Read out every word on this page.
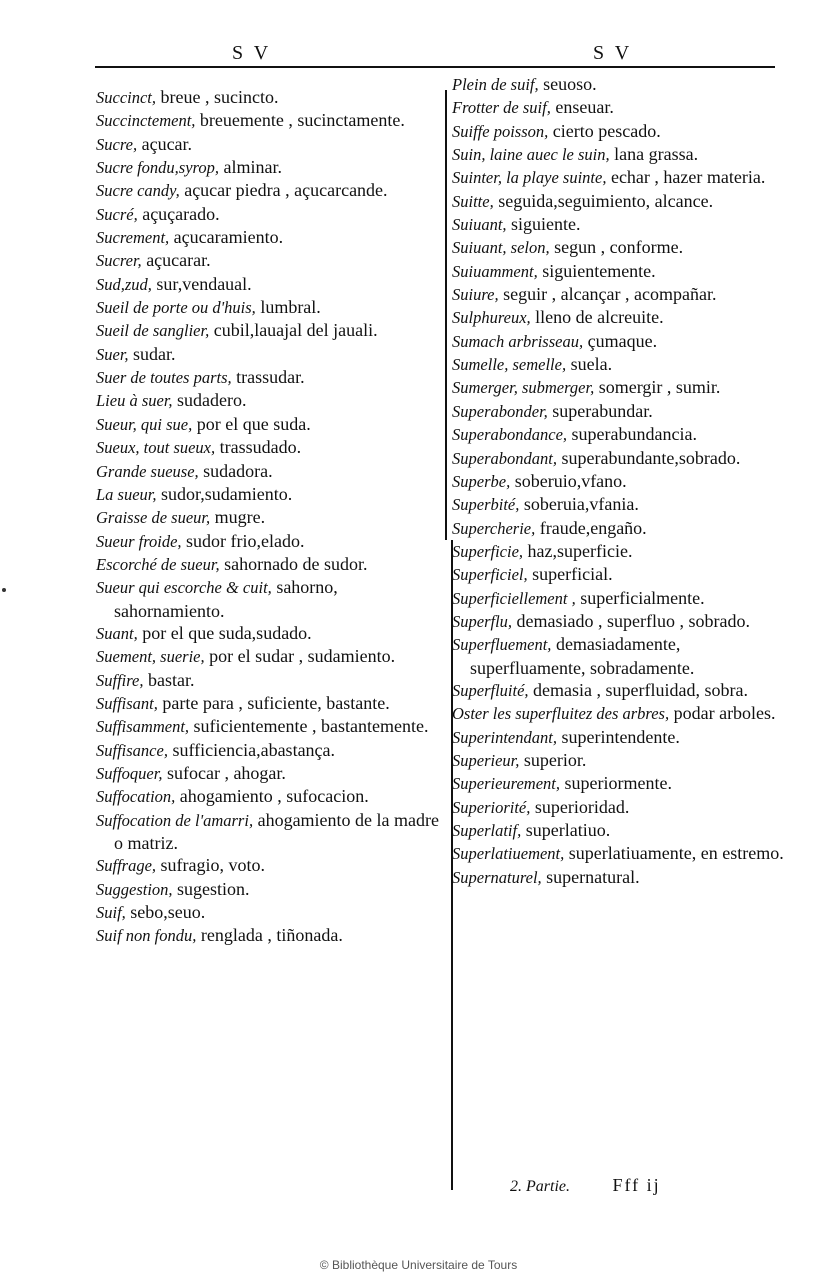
S V	S V
Succinct, breue , sucincto.
Succinctement, breuemente , sucinctamente.
Sucre, açucar.
Sucre fondu,syrop, alminar.
Sucre candy, açucar piedra , açucarcande.
Sucré, açuçarado.
Sucrement, açucaramiento.
Sucrer, açucarar.
Sud,zud, sur,vendaual.
Sueil de porte ou d'huis, lumbral.
Sueil de sanglier, cubil,lauajal del jauali.
Suer, sudar.
Suer de toutes parts, trassudar.
Lieu à suer, sudadero.
Sueur, qui sue, por el que suda.
Sueux, tout sueux, trassudado.
Grande sueuse, sudadora.
La sueur, sudor,sudamiento.
Graisse de sueur, mugre.
Sueur froide, sudor frio,elado.
Escorché de sueur, sahornado de sudor.
Sueur qui escorche & cuit, sahorno, sahornamiento.
Suant, por el que suda,sudado.
Suement, suerie, por el sudar , sudamiento.
Suffire, bastar.
Suffisant, parte para , suficiente, bastante.
Suffisamment, suficientemente , bastantemente.
Suffisance, sufficiencia,abastança.
Suffoquer, sufocar , ahogar.
Suffocation, ahogamiento , sufocacion.
Suffocation de l'amarri, ahogamiento de la madre o matriz.
Suffrage, sufragio, voto.
Suggestion, sugestion.
Suif, sebo,seuo.
Suif non fondu, renglada , tiñonada.
Plein de suif, seuoso.
Frotter de suif, enseuar.
Suiffe poisson, cierto pescado.
Suin, laine auec le suin, lana grassa.
Suinter, la playe suinte, echar , hazer materia.
Suitte, seguida,seguimiento, alcance.
Suiuant, siguiente.
Suiuant, selon, segun , conforme.
Suiuamment, siguientemente.
Suiure, seguir , alcançar , acompañar.
Sulphureux, lleno de alcreuite.
Sumach arbrisseau, çumaque.
Sumelle, semelle, suela.
Sumerger, submerger, somergir , sumir.
Superabonder, superabundar.
Superabondance, superabundancia.
Superabondant, superabundante,sobrado.
Superbe, soberuio,vfano.
Superbité, soberuia,vfania.
Supercherie, fraude,engaño.
Superficie, haz,superficie.
Superficiel, superficial.
Superficiellement , superficialmente.
Superflu, demasiado , superfluo , sobrado.
Superfluement, demasiadamente, superfluamente, sobradamente.
Superfluité, demasia , superfluidad, sobra.
Oster les superfluitez des arbres, podar arboles.
Superintendant, superintendente.
Superieur, superior.
Superieurement, superiormente.
Superiorité, superioridad.
Superlatif, superlatiuo.
Superlatiuement, superlatiuamente, en estremo.
Supernaturel, supernatural.
2. Partie. Fff ij
© Bibliothèque Universitaire de Tours
